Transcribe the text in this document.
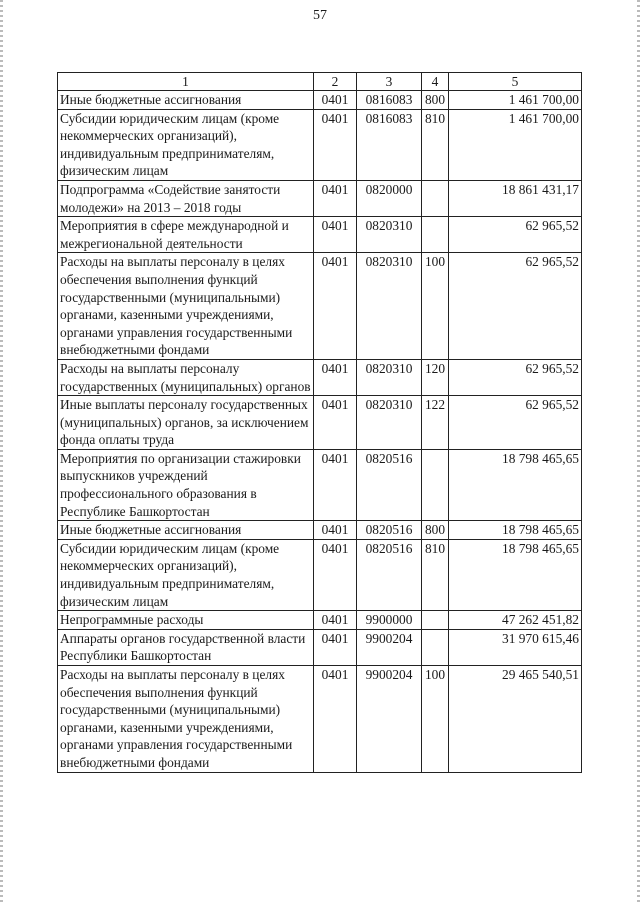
57
1	2	3	4	5
Иные бюджетные ассигнования	0401	0816083	800	1 461 700,00
Субсидии юридическим лицам (кроме некоммерческих организаций), индивидуальным предпринимателям, физическим лицам	0401	0816083	810	1 461 700,00
Подпрограмма «Содействие занятости молодежи» на 2013 – 2018 годы	0401	0820000		18 861 431,17
Мероприятия в сфере международной и межрегиональной деятельности	0401	0820310		62 965,52
Расходы на выплаты персоналу в целях обеспечения выполнения функций государственными (муниципальными) органами, казенными учреждениями, органами управления государственными внебюджетными фондами	0401	0820310	100	62 965,52
Расходы на выплаты персоналу государственных (муниципальных) органов	0401	0820310	120	62 965,52
Иные выплаты персоналу государственных (муниципальных) органов, за исключением фонда оплаты труда	0401	0820310	122	62 965,52
Мероприятия по организации стажировки выпускников учреждений профессионального образования в Республике Башкортостан	0401	0820516		18 798 465,65
Иные бюджетные ассигнования	0401	0820516	800	18 798 465,65
Субсидии юридическим лицам (кроме некоммерческих организаций), индивидуальным предпринимателям, физическим лицам	0401	0820516	810	18 798 465,65
Непрограммные расходы	0401	9900000		47 262 451,82
Аппараты органов государственной власти Республики Башкортостан	0401	9900204		31 970 615,46
Расходы на выплаты персоналу в целях обеспечения выполнения функций государственными (муниципальными) органами, казенными учреждениями, органами управления государственными внебюджетными фондами	0401	9900204	100	29 465 540,51
